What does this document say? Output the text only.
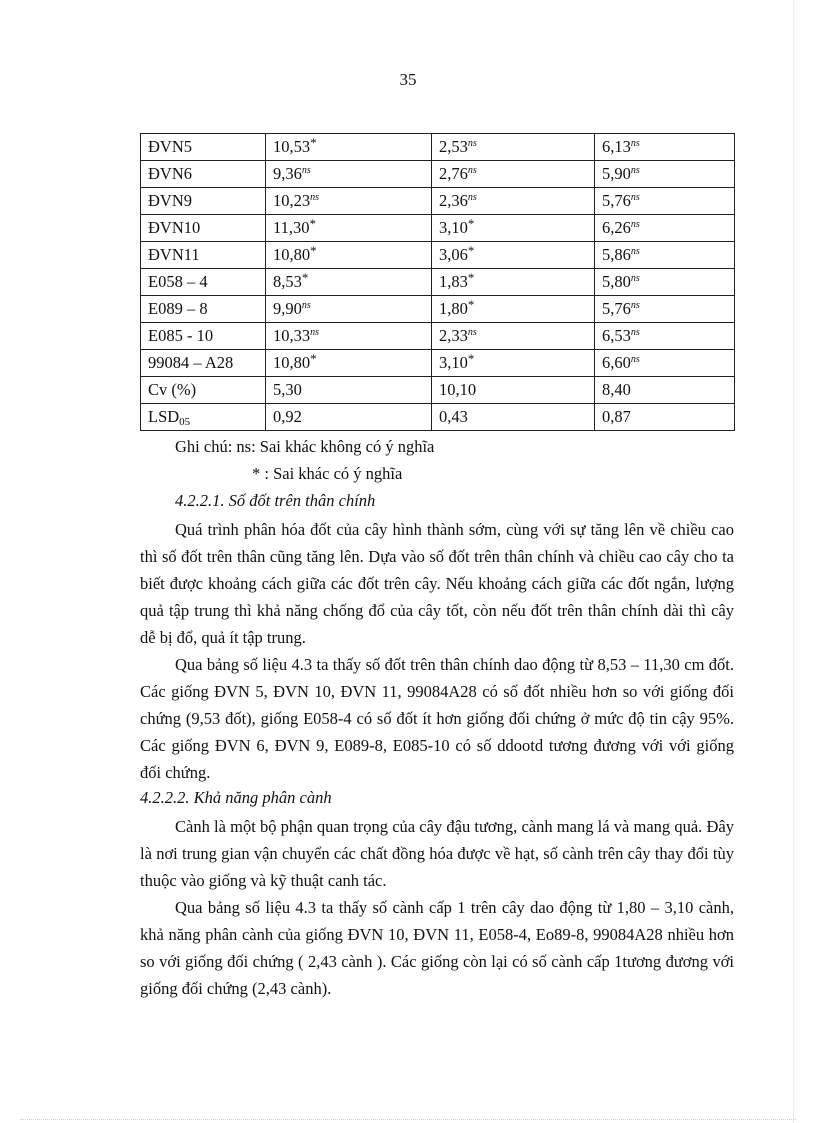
35
ĐVN5	10,53*	$2,53^{ns}$	$6,13^{ns}$
ĐVN6	$9,36^{ns}$	$2,76^{ns}$	$5,90^{ns}$
ĐVN9	$10,23^{ns}$	$2,36^{ns}$	$5,76^{ns}$
ĐVN10	11,30*	3,10*	$6,26^{ns}$
ĐVN11	10,80*	3,06*	$5,86^{ns}$
E058 – 4	8,53*	1,83*	$5,80^{ns}$
E089 – 8	$9,90^{ns}$	1,80*	$5,76^{ns}$
E085 - 10	$10,33^{ns}$	$2,33^{ns}$	$6,53^{ns}$
99084 – A28	10,80*	3,10*	$6,60^{ns}$
Cv (%)	5,30	10,10	8,40
$LSD_{05}$	0,92	0,43	0,87
Ghi chú: ns: Sai khác không có ý nghĩa
* : Sai khác có ý nghĩa
4.2.2.1. Số đốt trên thân chính

Quá trình phân hóa đốt của cây hình thành sớm, cùng với sự tăng lên về chiều cao thì số đốt trên thân cũng tăng lên. Dựa vào số đốt trên thân chính và chiều cao cây cho ta biết được khoảng cách giữa các đốt trên cây. Nếu khoảng cách giữa các đốt ngắn, lượng quả tập trung thì khả năng chống đổ của cây tốt, còn nếu đốt trên thân chính dài thì cây dễ bị đổ, quả ít tập trung.

Qua bảng số liệu 4.3 ta thấy số đốt trên thân chính dao động từ 8,53 – 11,30 cm đốt. Các giống ĐVN 5, ĐVN 10, ĐVN 11, 99084A28 có số đốt nhiều hơn so với giống đối chứng (9,53 đốt), giống E058-4 có số đốt ít hơn giống đối chứng ở mức độ tin cậy 95%. Các giống ĐVN 6, ĐVN 9, E089-8, E085-10 có số ddootd tương đương với với giống đối chứng.

4.2.2.2. Khả năng phân cành

Cành là một bộ phận quan trọng của cây đậu tương, cành mang lá và mang quả. Đây là nơi trung gian vận chuyển các chất đồng hóa được về hạt, số cành trên cây thay đổi tùy thuộc vào giống và kỹ thuật canh tác.

Qua bảng số liệu 4.3 ta thấy số cành cấp 1 trên cây dao động từ 1,80 – 3,10 cành, khả năng phân cành của giống ĐVN 10, ĐVN 11, E058-4, Eo89-8, 99084A28 nhiều hơn so với giống đối chứng ( 2,43 cành ). Các giống còn lại có số cành cấp 1tương đương với giống đối chứng (2,43 cành).
